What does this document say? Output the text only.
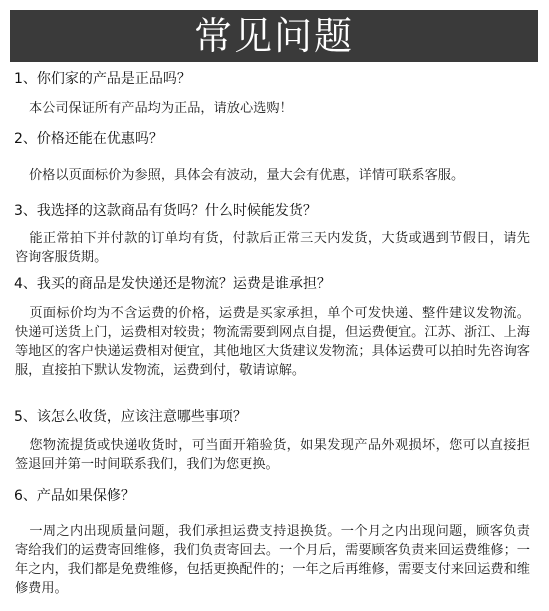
常见问题
1、你们家的产品是正品吗？
本公司保证所有产品均为正品，请放心选购！
2、价格还能在优惠吗？
价格以页面标价为参照，具体会有波动，量大会有优惠，详情可联系客服。
3、我选择的这款商品有货吗？什么时候能发货？
能正常拍下并付款的订单均有货，付款后正常三天内发货，大货或遇到节假日，请先咨询客服货期。
4、我买的商品是发快递还是物流？运费是谁承担？
页面标价均为不含运费的价格，运费是买家承担，单个可发快递、整件建议发物流。快递可送货上门，运费相对较贵；物流需要到网点自提，但运费便宜。江苏、浙江、上海等地区的客户快递运费相对便宜，其他地区大货建议发物流；具体运费可以拍时先咨询客服，直接拍下默认发物流，运费到付，敬请谅解。
5、该怎么收货，应该注意哪些事项？
您物流提货或快递收货时，可当面开箱验货，如果发现产品外观损坏，您可以直接拒签退回并第一时间联系我们，我们为您更换。
6、产品如果保修？
一周之内出现质量问题，我们承担运费支持退换货。一个月之内出现问题，顾客负责寄给我们的运费寄回维修，我们负责寄回去。一个月后，需要顾客负责来回运费维修；一年之内，我们都是免费维修，包括更换配件的；一年之后再维修，需要支付来回运费和维修费用。
